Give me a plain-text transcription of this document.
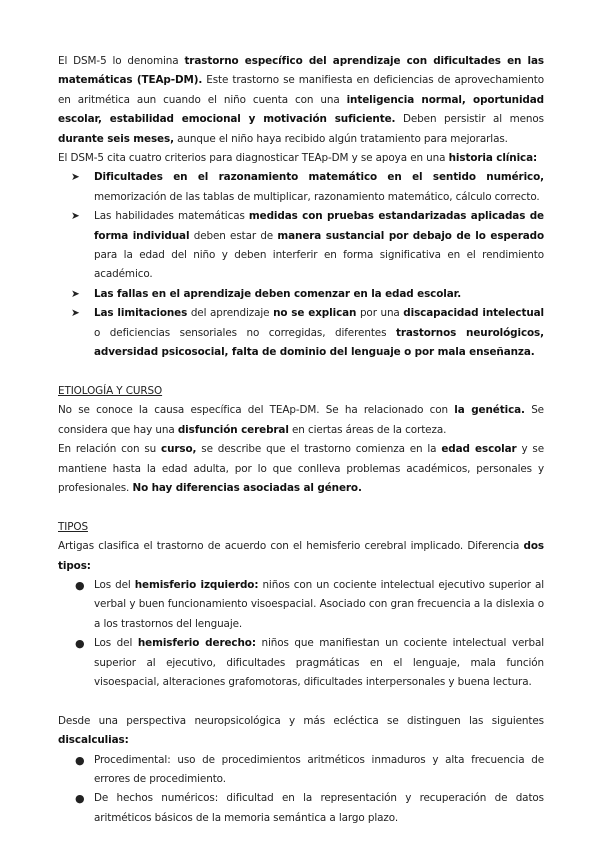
El DSM-5 lo denomina trastorno específico del aprendizaje con dificultades en las matemáticas (TEAp-DM). Este trastorno se manifiesta en deficiencias de aprovechamiento en aritmética aun cuando el niño cuenta con una inteligencia normal, oportunidad escolar, estabilidad emocional y motivación suficiente. Deben persistir al menos durante seis meses, aunque el niño haya recibido algún tratamiento para mejorarlas.

El DSM-5 cita cuatro criterios para diagnosticar TEAp-DM y se apoya en una historia clínica:

➤ Dificultades en el razonamiento matemático en el sentido numérico, memorización de las tablas de multiplicar, razonamiento matemático, cálculo correcto.
➤ Las habilidades matemáticas medidas con pruebas estandarizadas aplicadas de forma individual deben estar de manera sustancial por debajo de lo esperado para la edad del niño y deben interferir en forma significativa en el rendimiento académico.
➤ Las fallas en el aprendizaje deben comenzar en la edad escolar.
➤ Las limitaciones del aprendizaje no se explican por una discapacidad intelectual o deficiencias sensoriales no corregidas, diferentes trastornos neurológicos, adversidad psicosocial, falta de dominio del lenguaje o por mala enseñanza.

ETIOLOGÍA Y CURSO

No se conoce la causa específica del TEAp-DM. Se ha relacionado con la genética. Se considera que hay una disfunción cerebral en ciertas áreas de la corteza.

En relación con su curso, se describe que el trastorno comienza en la edad escolar y se mantiene hasta la edad adulta, por lo que conlleva problemas académicos, personales y profesionales. No hay diferencias asociadas al género.

TIPOS

Artigas clasifica el trastorno de acuerdo con el hemisferio cerebral implicado. Diferencia dos tipos:

● Los del hemisferio izquierdo: niños con un cociente intelectual ejecutivo superior al verbal y buen funcionamiento visoespacial. Asociado con gran frecuencia a la dislexia o a los trastornos del lenguaje.
● Los del hemisferio derecho: niños que manifiestan un cociente intelectual verbal superior al ejecutivo, dificultades pragmáticas en el lenguaje, mala función visoespacial, alteraciones grafomotoras, dificultades interpersonales y buena lectura.

Desde una perspectiva neuropsicológica y más ecléctica se distinguen las siguientes discalculias:

● Procedimental: uso de procedimientos aritméticos inmaduros y alta frecuencia de errores de procedimiento.
● De hechos numéricos: dificultad en la representación y recuperación de datos aritméticos básicos de la memoria semántica a largo plazo.
